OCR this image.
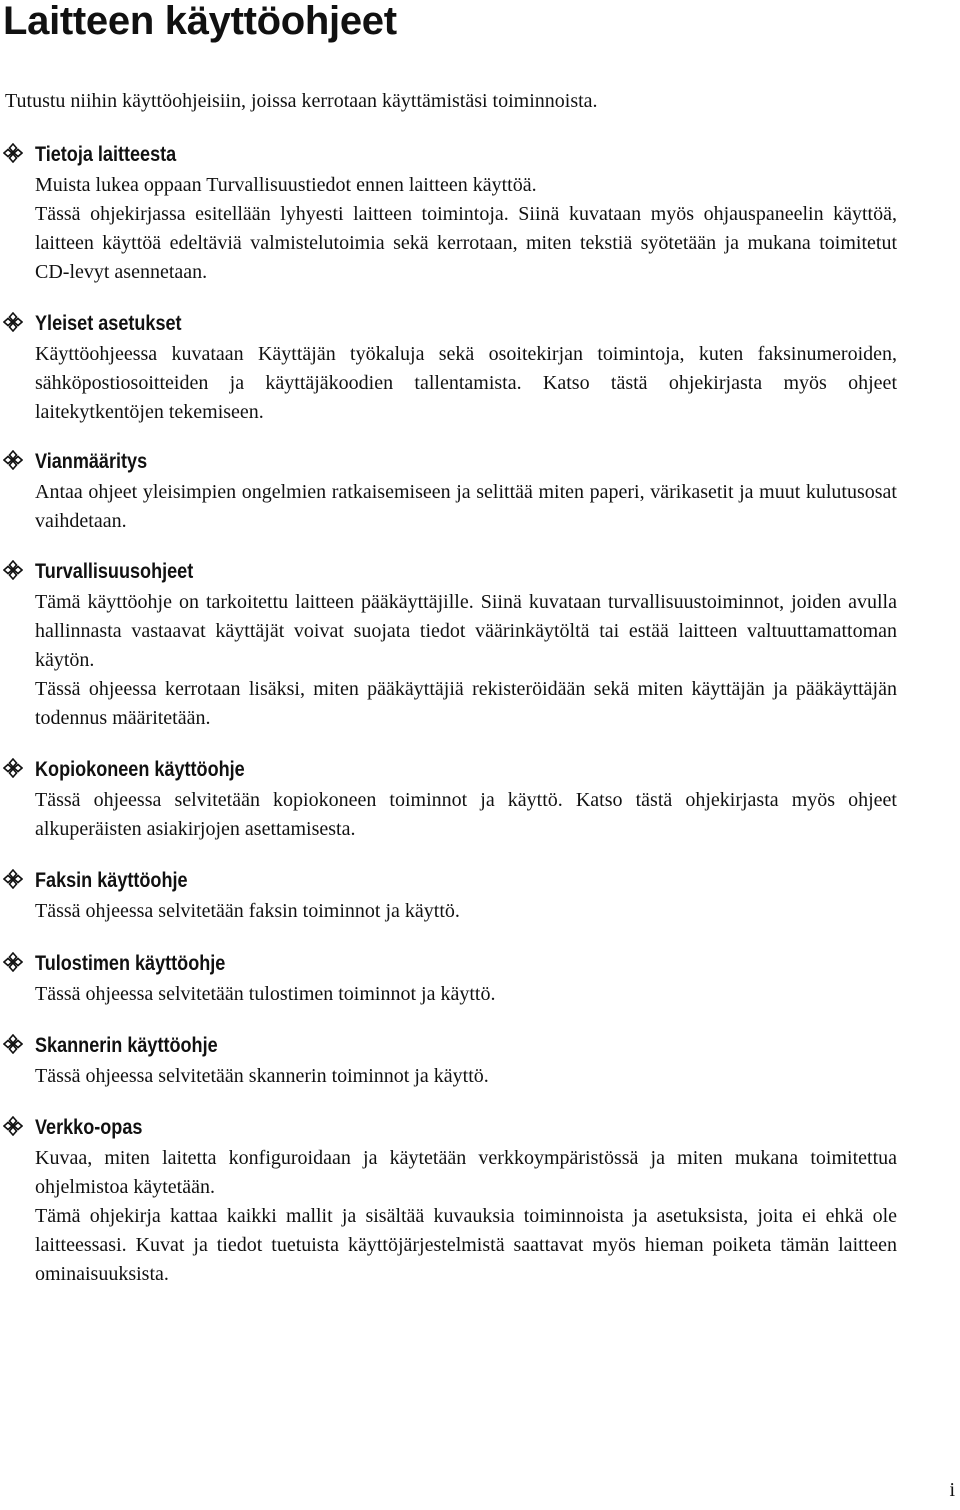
Laitteen käyttöohjeet

Tutustu niihin käyttöohjeisiin, joissa kerrotaan käyttämistäsi toiminnoista.

Tietoja laitteesta

Muista lukea oppaan Turvallisuustiedot ennen laitteen käyttöä.

Tässä ohjekirjassa esitellään lyhyesti laitteen toimintoja. Siinä kuvataan myös ohjauspaneelin käyttöä, laitteen käyttöä edeltäviä valmistelutoimia sekä kerrotaan, miten tekstiä syötetään ja mukana toimitetut CD-levyt asennetaan.

Yleiset asetukset

Käyttöohjeessa kuvataan Käyttäjän työkaluja sekä osoitekirjan toimintoja, kuten faksinumeroiden, sähköpostiosoitteiden ja käyttäjäkoodien tallentamista. Katso tästä ohjekirjasta myös ohjeet laitekytkentöjen tekemiseen.

Vianmääritys

Antaa ohjeet yleisimpien ongelmien ratkaisemiseen ja selittää miten paperi, värikasetit ja muut kulutusosat vaihdetaan.

Turvallisuusohjeet

Tämä käyttöohje on tarkoitettu laitteen pääkäyttäjille. Siinä kuvataan turvallisuustoiminnot, joiden avulla hallinnasta vastaavat käyttäjät voivat suojata tiedot väärinkäytöltä tai estää laitteen valtuuttamattoman käytön.

Tässä ohjeessa kerrotaan lisäksi, miten pääkäyttäjiä rekisteröidään sekä miten käyttäjän ja pääkäyttäjän todennus määritetään.

Kopiokoneen käyttöohje

Tässä ohjeessa selvitetään kopiokoneen toiminnot ja käyttö. Katso tästä ohjekirjasta myös ohjeet alkuperäisten asiakirjojen asettamisesta.

Faksin käyttöohje

Tässä ohjeessa selvitetään faksin toiminnot ja käyttö.

Tulostimen käyttöohje

Tässä ohjeessa selvitetään tulostimen toiminnot ja käyttö.

Skannerin käyttöohje

Tässä ohjeessa selvitetään skannerin toiminnot ja käyttö.

Verkko-opas

Kuvaa, miten laitetta konfiguroidaan ja käytetään verkkoympäristössä ja miten mukana toimitettua ohjelmistoa käytetään.

Tämä ohjekirja kattaa kaikki mallit ja sisältää kuvauksia toiminnoista ja asetuksista, joita ei ehkä ole laitteessasi. Kuvat ja tiedot tuetuista käyttöjärjestelmistä saattavat myös hieman poiketa tämän laitteen ominaisuuksista.

i
